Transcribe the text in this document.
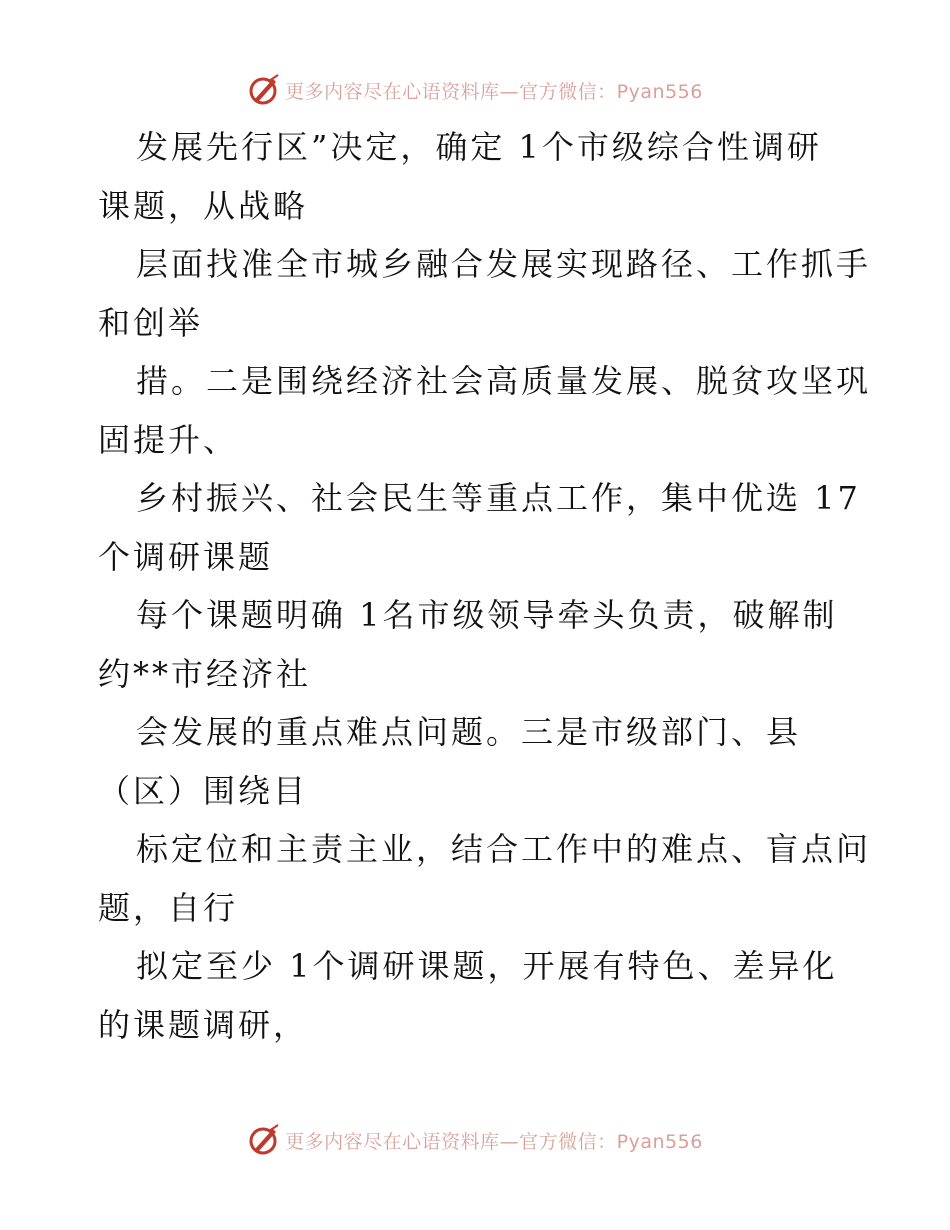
更多内容尽在心语资料库—官方微信：Pyan556
发展先行区”决定，确定 1个市级综合性调研
课题，从战略
层面找准全市城乡融合发展实现路径、工作抓手
和创举
措。二是围绕经济社会高质量发展、脱贫攻坚巩
固提升、
乡村振兴、社会民生等重点工作，集中优选 17
个调研课题
每个课题明确 1名市级领导牵头负责，破解制
约**市经济社
会发展的重点难点问题。三是市级部门、县
（区）围绕目
标定位和主责主业，结合工作中的难点、盲点问
题，自行
拟定至少 1个调研课题，开展有特色、差异化
的课题调研，
更多内容尽在心语资料库—官方微信：Pyan556
